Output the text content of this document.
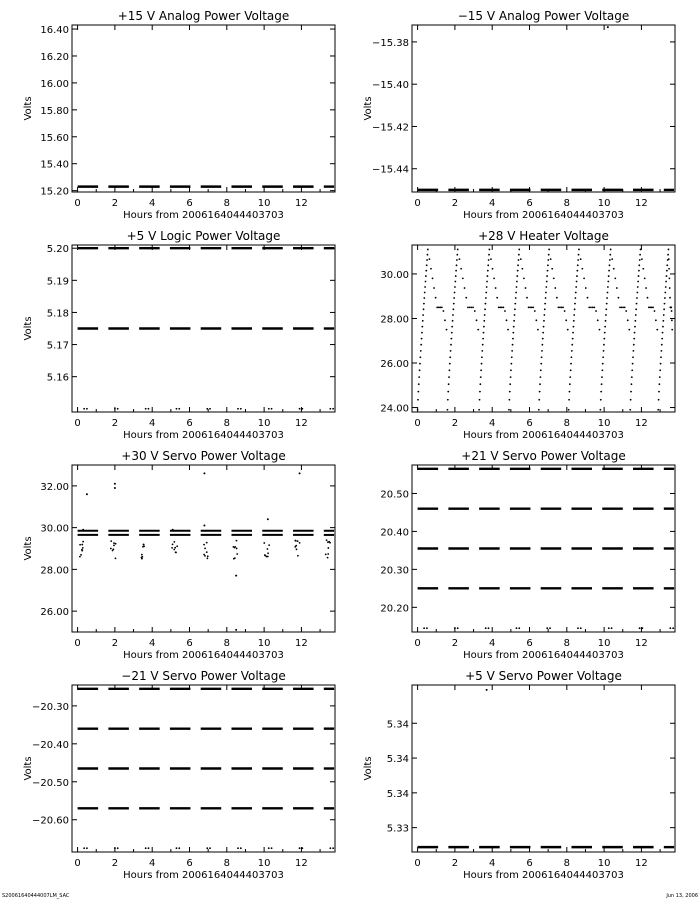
+15 V Analog Power Voltage
0	2	4	6	8	10 12
Hours from 2006164044403703
15.20
15.40
15.60
15.80
16.00
16.20
16.40
Volts
−15 V Analog Power Voltage
0	2	4	6	8	10 12
Hours from 2006164044403703
−15.44
−15.42
−15.40
−15.38
Volts
+5 V Logic Power Voltage
0	2	4	6	8	10 12
Hours from 2006164044403703
5.16
5.17
5.18
5.19
5.20
Volts
+28 V Heater Voltage
0	2	4	6	8	10 12
Hours from 2006164044403703
24.00
26.00
28.00
30.00
+30 V Servo Power Voltage
0	2	4	6	8	10 12
Hours from 2006164044403703
26.00
28.00
30.00
32.00
Volts
+21 V Servo Power Voltage
0	2	4	6	8	10 12
Hours from 2006164044403703
20.20
20.30
20.40
20.50
−21 V Servo Power Voltage
0	2	4	6	8	10 12
Hours from 2006164044403703
−20.60
−20.50
−20.40
−20.30
Volts
+5 V Servo Power Voltage
0	2	4	6	8	10 12
Hours from 2006164044403703
5.33
5.34
5.34
5.34
Volts
S20061640444007LM_SAC	Jun 13, 2006
